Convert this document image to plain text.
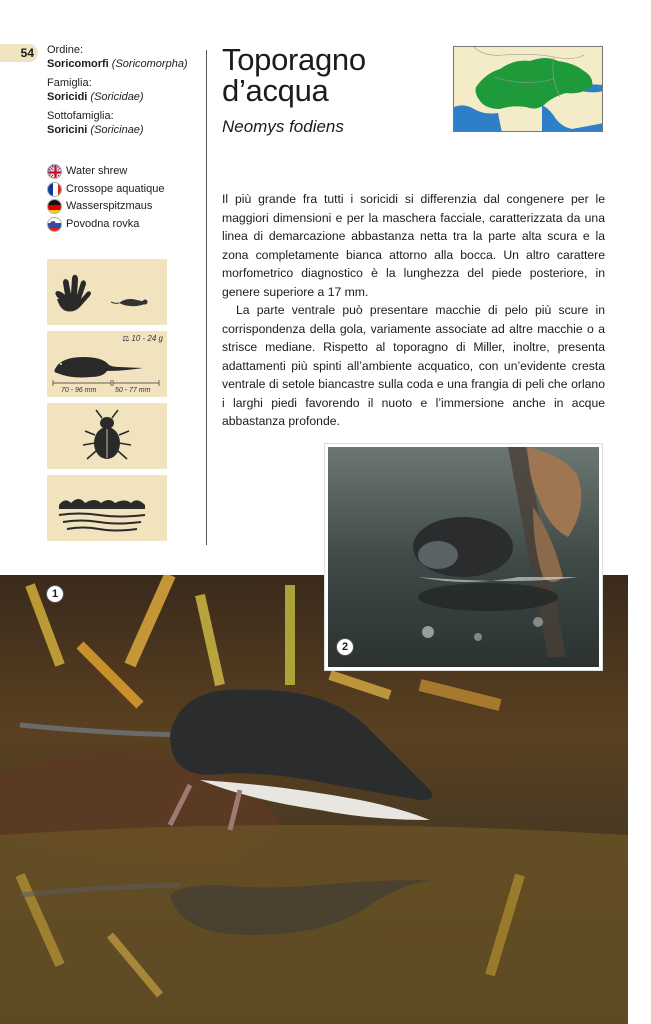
54	Ordine:
Soricomorfi (Soricomorpha)
Famiglia:
Soricidi (Soricidae)
Sottofamiglia:
Soricini (Soricinae)
Water shrew
Crossope aquatique
Wasserspitzmaus
Povodna rovka
⚖ 10 - 24 g
70 - 96 mm	50 - 77 mm
Toporagno
d’acqua
Neomys fodiens

Il più grande fra tutti i soricidi si differenzia dal congenere per le maggiori dimensioni e per la maschera facciale, caratterizzata da una linea di demarcazione abbastanza netta tra la parte alta scura e la zona completamente bianca attorno alla bocca. Un altro carattere morfometrico diagnostico è la lunghezza del piede posteriore, in genere superiore a 17 mm.

La parte ventrale può presentare macchie di pelo più scure in corrispondenza della gola, variamente associate ad altre macchie o a strisce mediane. Rispetto al toporagno di Miller, inoltre, presenta adattamenti più spinti all’ambiente acquatico, con un’evidente cresta ventrale di setole biancastre sulla coda e una frangia di peli che orlano i larghi piedi favorendo il nuoto e l’immersione anche in acque abbastanza profonde.

2
1
